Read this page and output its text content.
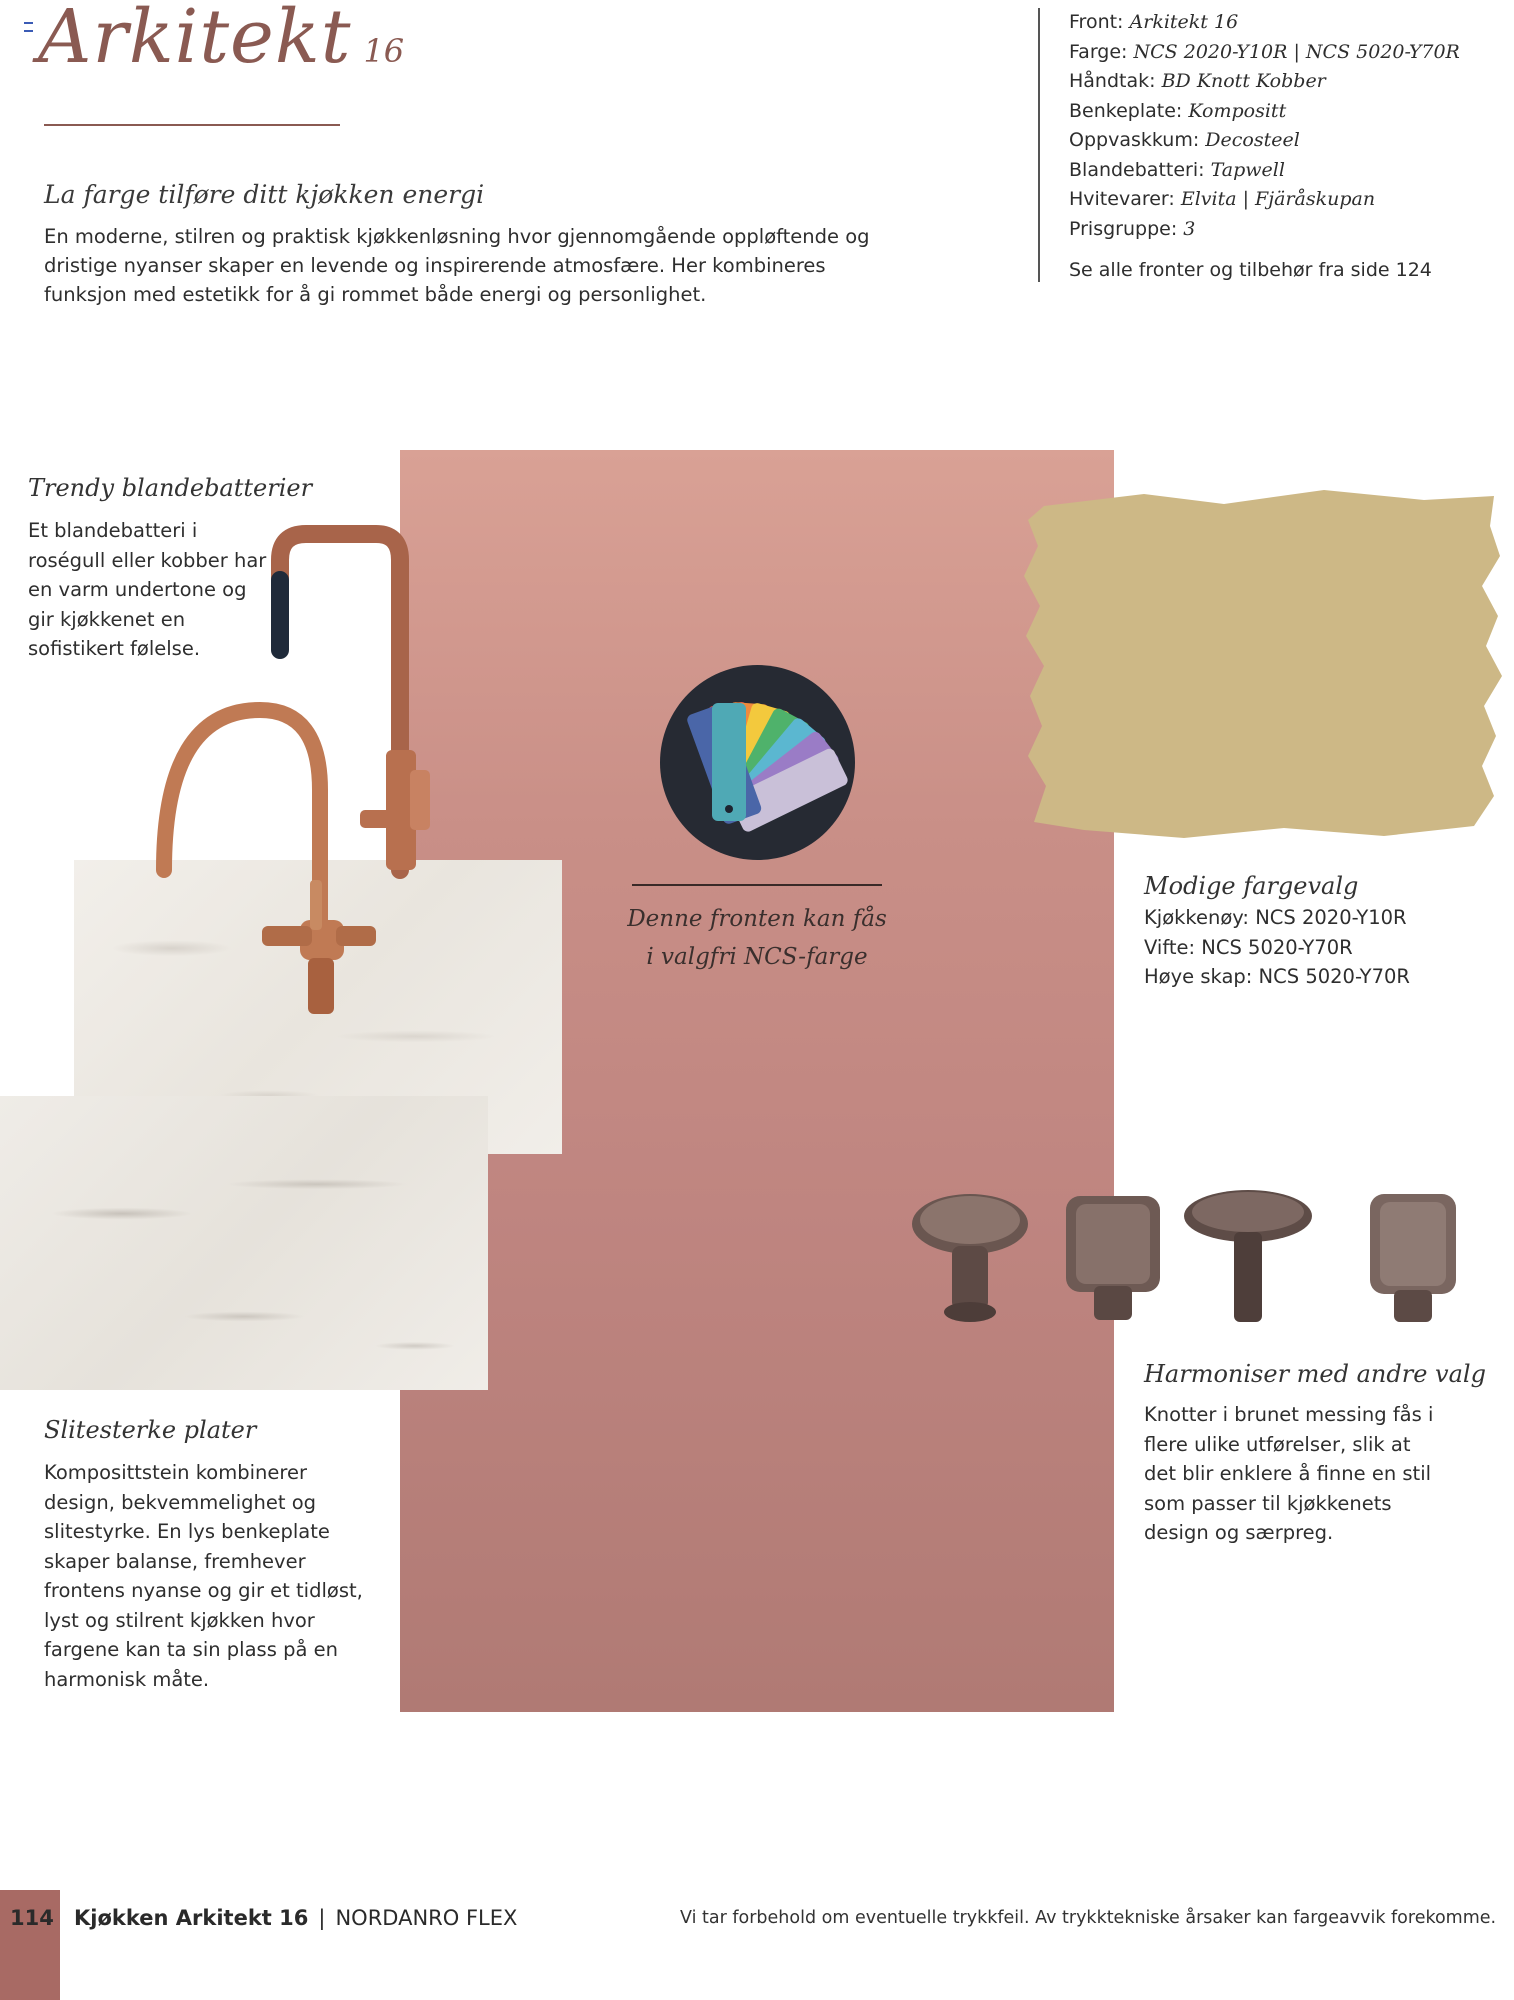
Arkitekt 16
La farge tilføre ditt kjøkken energi
En moderne, stilren og praktisk kjøkkenløsning hvor gjennomgående oppløftende og dristige nyanser skaper en levende og inspirerende atmosfære. Her kombineres funksjon med estetikk for å gi rommet både energi og personlighet.
Front: Arkitekt 16
Farge: NCS 2020-Y10R | NCS 5020-Y70R
Håndtak: BD Knott Kobber
Benkeplate: Kompositt
Oppvaskkum: Decosteel
Blandebatteri: Tapwell
Hvitevarer: Elvita | Fjäråskupan
Prisgruppe: 3
Se alle fronter og tilbehør fra side 124
Denne fronten kan fås
i valgfri NCS-farge
Trendy blandebatterier
Et blandebatteri i roségull eller kobber har en varm undertone og gir kjøkkenet en sofistikert følelse.
Modige fargevalg
Kjøkkenøy: NCS 2020-Y10R
Vifte: NCS 5020-Y70R
Høye skap: NCS 5020-Y70R
Harmoniser med andre valg
Knotter i brunet messing fås i flere ulike utførelser, slik at det blir enklere å finne en stil som passer til kjøkkenets design og særpreg.
Slitesterke plater
Komposittstein kombinerer design, bekvemmelighet og slitestyrke. En lys benkeplate skaper balanse, fremhever frontens nyanse og gir et tidløst, lyst og stilrent kjøkken hvor fargene kan ta sin plass på en harmonisk måte.
114 Kjøkken Arkitekt 16 | NORDANRO FLEX	Vi tar forbehold om eventuelle trykkfeil. Av trykktekniske årsaker kan fargeavvik forekomme.
